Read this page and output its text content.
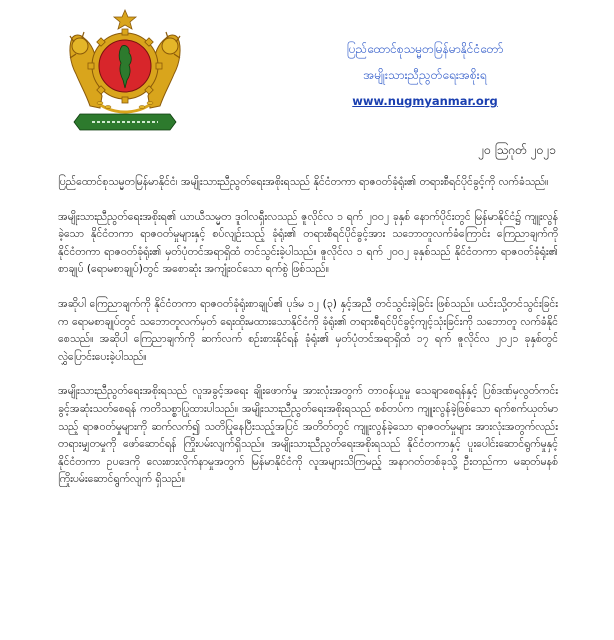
ပြည်ထောင်စုသမ္မတမြန်မာနိုင်ငံတော်
အမျိုးသားညီညွတ်ရေးအစိုးရ
www.nugmyanmar.org
၂၀ ဩဂုတ် ၂၀၂၁

ပြည်ထောင်စုသမ္မတမြန်မာနိုင်ငံ၊ အမျိုးသားညီညွတ်ရေးအစိုးရသည် နိုင်ငံတကာ ရာဇဝတ်ခုံရုံး၏ တရားစီရင်ပိုင်ခွင့်ကို လက်ခံသည်။

အမျိုးသားညီညွတ်ရေးအစိုးရ၏ ယာယီသမ္မတ ဒူဝါလရှီးလသည် ဇူလိုင်လ ၁ ရက် ၂၀၀၂ ခုနှစ် နောက်ပိုင်းတွင် မြန်မာနိုင်ငံ၌ ကျူးလွန်ခဲ့သော နိုင်ငံတကာ ရာဇဝတ်မှုများနှင့် စပ်လျဉ်းသည့် ခုံရုံး၏ တရားစီရင်ပိုင်ခွင့်အား သဘောတူလက်ခံကြောင်း ကြေညာချက်ကို နိုင်ငံတကာ ရာဇဝတ်ခုံရုံး၏ မှတ်ပုံတင်အရာရှိထံ တင်သွင်းခဲ့ပါသည်။ ဇူလိုင်လ ၁ ရက် ၂၀၀၂ ခုနှစ်သည် နိုင်ငံတကာ ရာဇဝတ်ခုံရုံး၏ စာချုပ် (ရောမစာချုပ်)တွင် အစောဆုံး အကျုံးဝင်သော ရက်စွဲ ဖြစ်သည်။

အဆိုပါ ကြေညာချက်ကို နိုင်ငံတကာ ရာဇဝတ်ခုံရုံးစာချုပ်၏ ပုဒ်မ ၁၂ (၃) နှင့်အညီ တင်သွင်းခဲ့ခြင်း ဖြစ်သည်။ ယင်းသို့တင်သွင်းခြင်းက ရောမစာချုပ်တွင် သဘောတူလက်မှတ် ရေးထိုးမထားသောနိုင်ငံကို ခုံရုံး၏ တရားစီရင်ပိုင်ခွင့်ကျင့်သုံးခြင်းကို သဘောတူ လက်ခံနိုင်စေသည်။ အဆိုပါ ကြေညာချက်ကို ဆက်လက် စဉ်းစားနိုင်ရန် ခုံရုံး၏ မှတ်ပုံတင်အရာရှိထံ ၁၇ ရက် ဇူလိုင်လ ၂၀၂၁ ခုနှစ်တွင် လွှဲပြောင်းပေးခဲ့ပါသည်။

အမျိုးသားညီညွတ်ရေးအစိုးရသည် လူအခွင့်အရေး ချိုးဖောက်မှု အားလုံးအတွက် တာဝန်ယူမှု သေချာစေရန်နှင့် ပြစ်ဒဏ်မှလွတ်ကင်းခွင့်အဆုံးသတ်စေရန် ကတိသစ္စာပြုထားပါသည်။ အမျိုးသားညီညွတ်ရေးအစိုးရသည် စစ်တပ်က ကျူးလွန်ခဲ့ဖြစ်သော ရက်စက်ယုတ်မာသည့် ရာဇဝတ်မှုများကို ဆက်လက်၍ သတိပြုနေပြီးသည့်အပြင် အတိတ်တွင် ကျူးလွန်ခဲ့သော ရာဇဝတ်မှုများ အားလုံးအတွက်လည်း တရားမျှတမှုကို ဖော်ဆောင်ရန် ကြိုးပမ်းလျက်ရှိသည်။ အမျိုးသားညီညွတ်ရေးအစိုးရသည် နိုင်ငံတကာနှင့် ပူးပေါင်းဆောင်ရွက်မှုနှင့် နိုင်ငံတကာ ဥပဒေကို လေးစားလိုက်နာမှုအတွက် မြန်မာနိုင်ငံကို လူအများသိကြမည့် အနာဂတ်တစ်ခုသို့ ဦးတည်ကာ မဆုတ်မနစ် ကြိုးပမ်းဆောင်ရွက်လျက် ရှိသည်။
